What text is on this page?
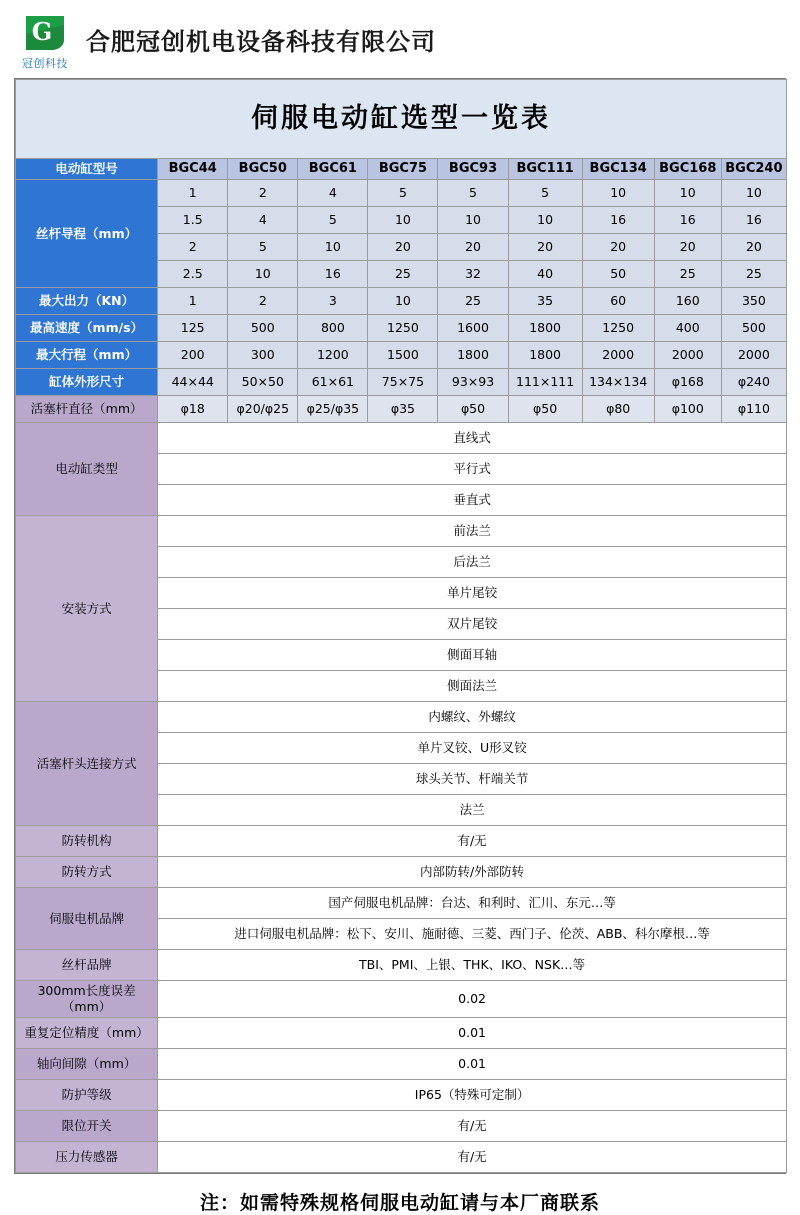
G
冠创科技
合肥冠创机电设备科技有限公司
伺服电动缸选型一览表									
电动缸型号	BGC44	BGC50	BGC61	BGC75	BGC93	BGC111	BGC134	BGC168	BGC240
丝杆导程（mm）	1	2	4	5	5	5	10	10	10
	1.5	4	5	10	10	10	16	16	16
	2	5	10	20	20	20	20	20	20
	2.5	10	16	25	32	40	50	25	25
最大出力（KN）	1	2	3	10	25	35	60	160	350
最高速度（mm/s）	125	500	800	1250	1600	1800	1250	400	500
最大行程（mm）	200	300	1200	1500	1800	1800	2000	2000	2000
缸体外形尺寸	44×44	50×50	61×61	75×75	93×93	111×111	134×134	φ168	φ240
活塞杆直径（mm）	φ18	φ20/φ25	φ25/φ35	φ35	φ50	φ50	φ80	φ100	φ110
电动缸类型	直线式								
	平行式								
	垂直式								
安装方式	前法兰								
	后法兰								
	单片尾铰								
	双片尾铰								
	侧面耳轴								
	侧面法兰								
活塞杆头连接方式	内螺纹、外螺纹								
	单片叉铰、U形叉铰								
	球头关节、杆端关节								
	法兰								
防转机构	有/无								
防转方式	内部防转/外部防转								
伺服电机品牌	国产伺服电机品牌：台达、和利时、汇川、东元…等								
	进口伺服电机品牌：松下、安川、施耐德、三菱、西门子、伦茨、ABB、科尔摩根…等								
丝杆品牌	TBI、PMI、上银、THK、IKO、NSK…等								
300mm长度误差（mm）	0.02								
重复定位精度（mm）	0.01								
轴向间隙（mm）	0.01								
防护等级	IP65（特殊可定制）								
限位开关	有/无								
压力传感器	有/无								
注：如需特殊规格伺服电动缸请与本厂商联系
